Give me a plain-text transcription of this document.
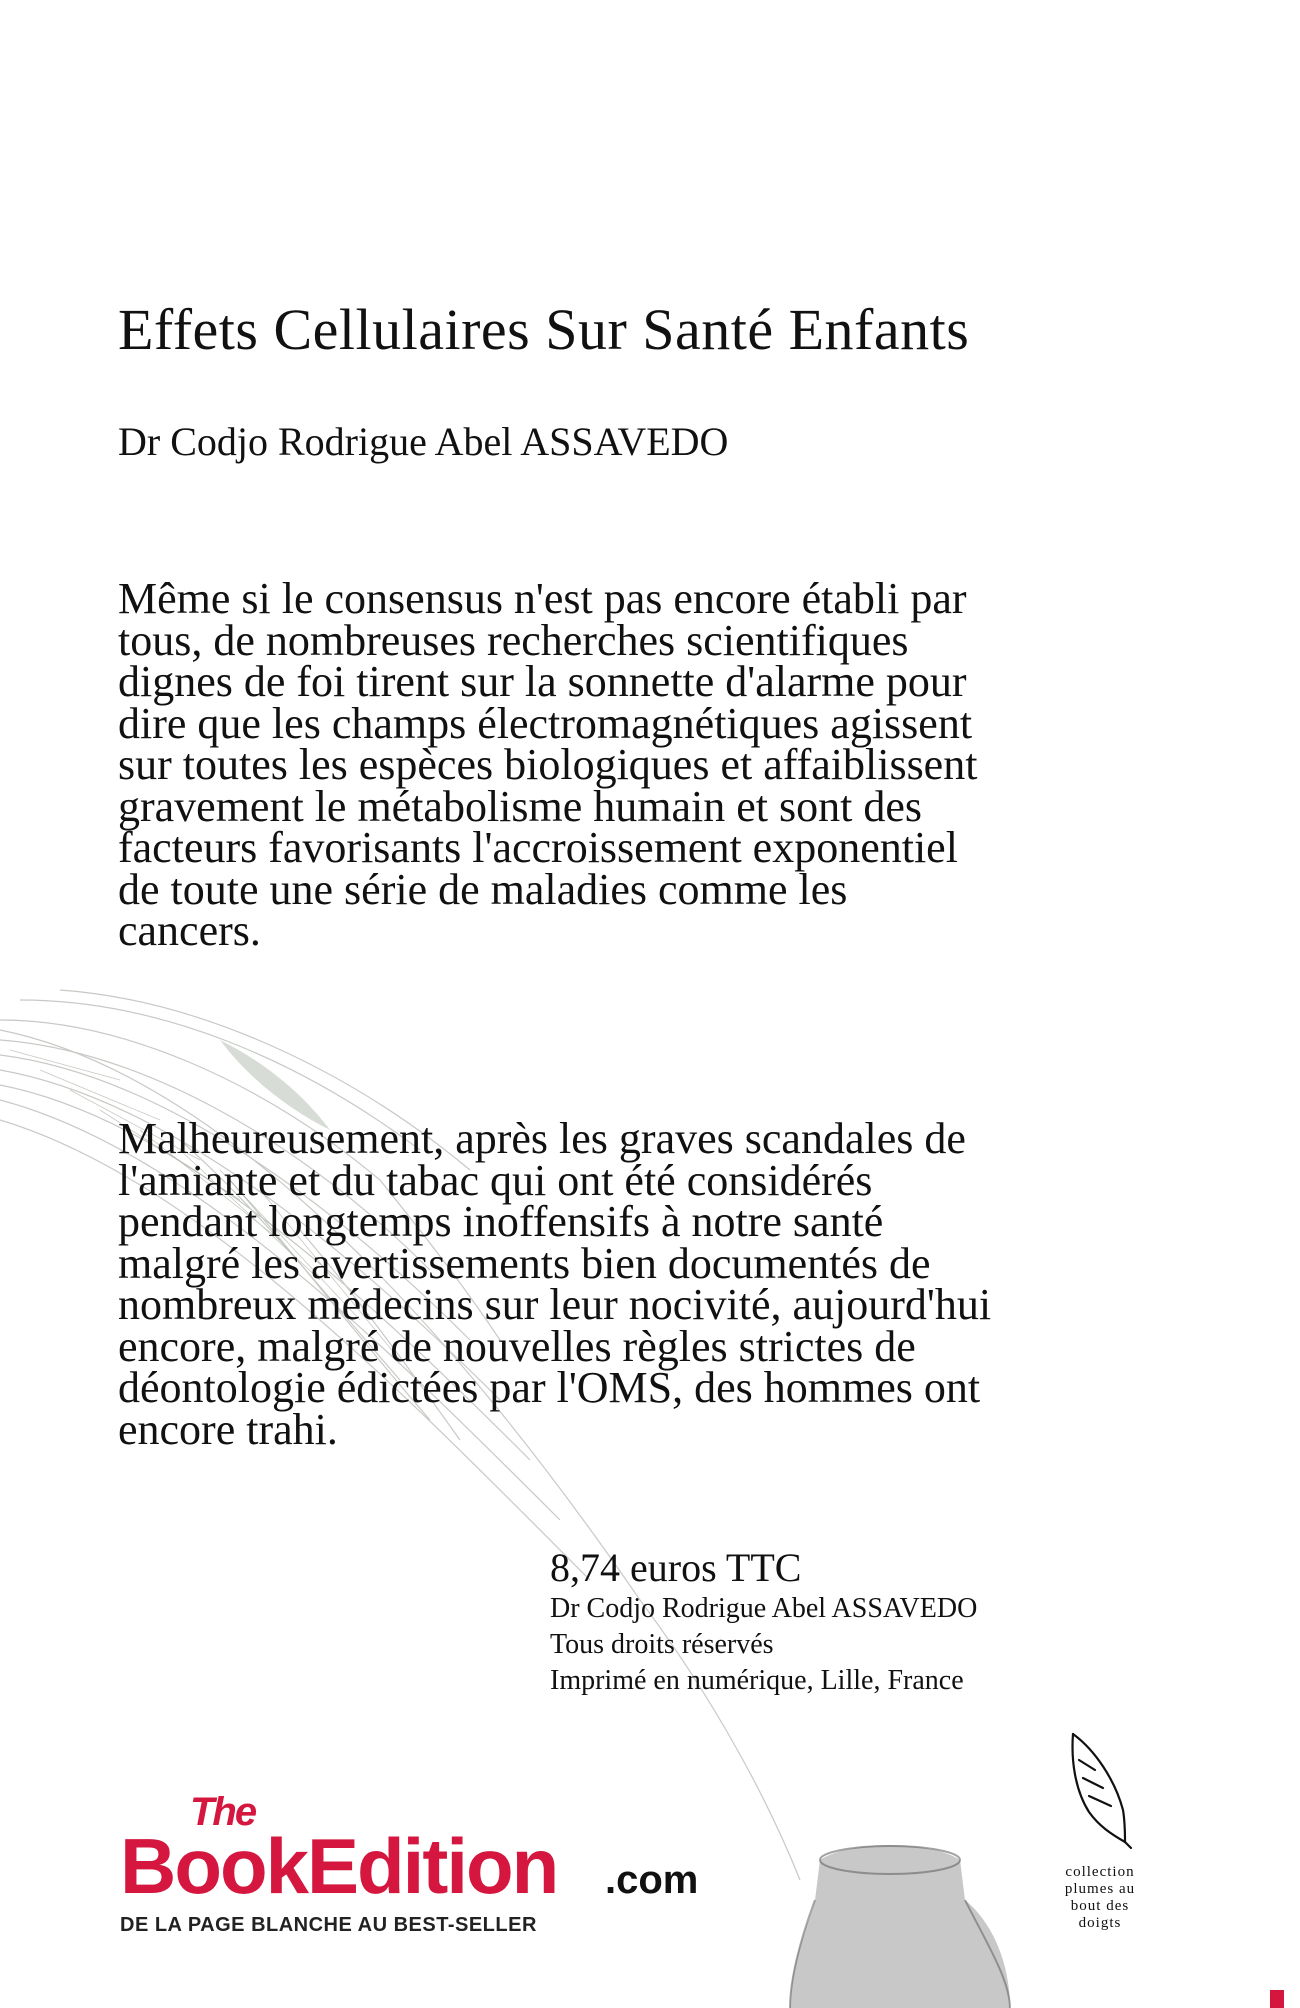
Effets Cellulaires Sur Santé Enfants
Dr Codjo Rodrigue Abel ASSAVEDO

Même si le consensus n'est pas encore établi par tous, de nombreuses recherches scientifiques dignes de foi tirent sur la sonnette d'alarme pour dire que les champs électromagnétiques agissent sur toutes les espèces biologiques et affaiblissent gravement le métabolisme humain et sont des facteurs favorisants l'accroissement exponentiel de toute une série de maladies comme les cancers.

Malheureusement, après les graves scandales de l'amiante et du tabac qui ont été considérés pendant longtemps inoffensifs à notre santé malgré les avertissements bien documentés de nombreux médecins sur leur nocivité, aujourd'hui encore, malgré de nouvelles règles strictes de déontologie édictées par l'OMS, des hommes ont encore trahi.

8,74 euros TTC
Dr Codjo Rodrigue Abel ASSAVEDO
Tous droits réservés
Imprimé en numérique, Lille, France
The
BookEdition .com
DE LA PAGE BLANCHE AU BEST-SELLER
collection
plumes au
bout des
doigts
